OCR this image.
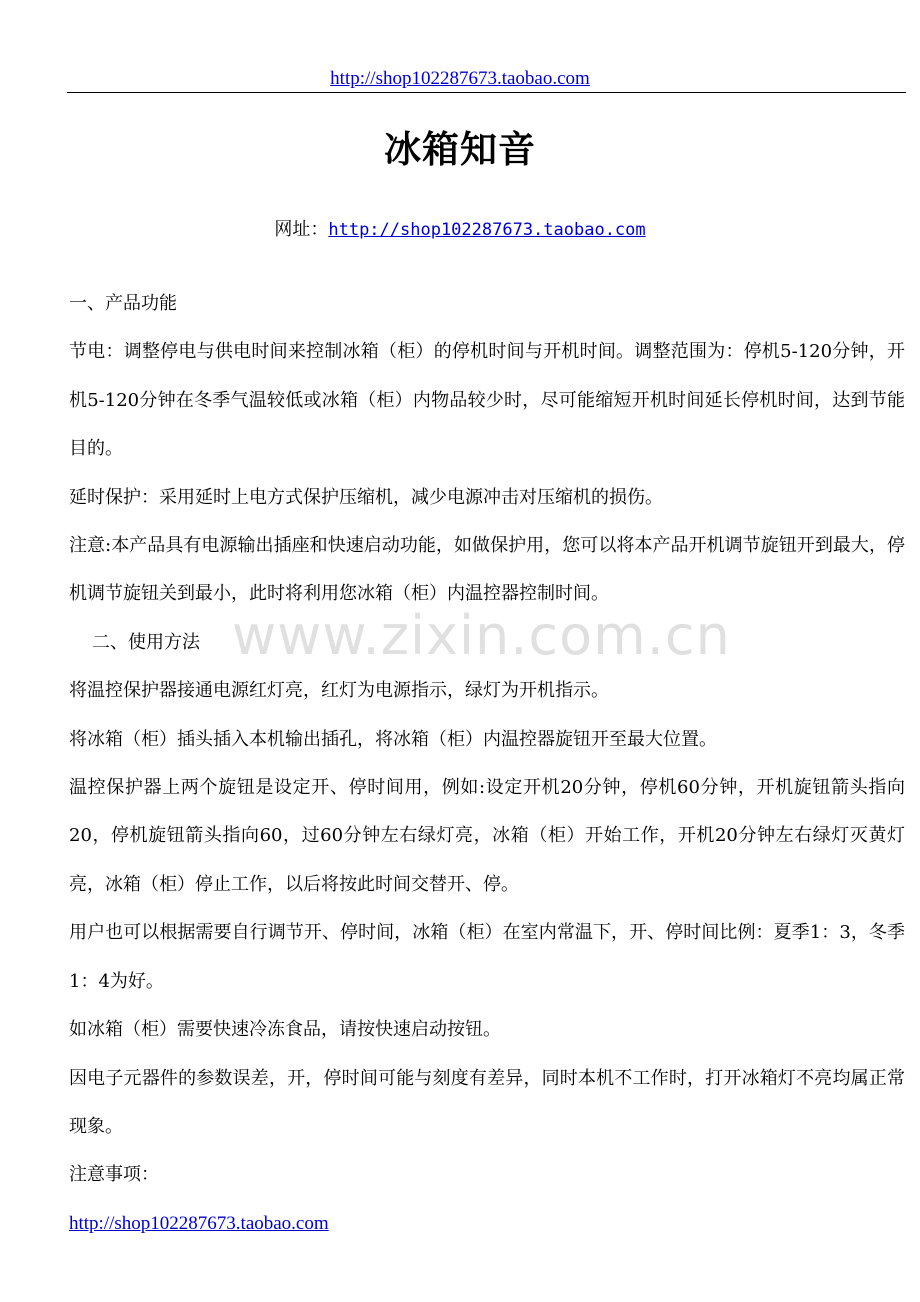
http://shop102287673.taobao.com
冰箱知音
网址：http://shop102287673.taobao.com

一、产品功能

节电：调整停电与供电时间来控制冰箱（柜）的停机时间与开机时间。调整范围为：停机5-120分钟，开机5-120分钟在冬季气温较低或冰箱（柜）内物品较少时，尽可能缩短开机时间延长停机时间，达到节能目的。

延时保护：采用延时上电方式保护压缩机，减少电源冲击对压缩机的损伤。

注意:本产品具有电源输出插座和快速启动功能，如做保护用，您可以将本产品开机调节旋钮开到最大，停机调节旋钮关到最小，此时将利用您冰箱（柜）内温控器控制时间。

二、使用方法

将温控保护器接通电源红灯亮，红灯为电源指示，绿灯为开机指示。

将冰箱（柜）插头插入本机输出插孔，将冰箱（柜）内温控器旋钮开至最大位置。

温控保护器上两个旋钮是设定开、停时间用，例如:设定开机20分钟，停机60分钟，开机旋钮箭头指向20，停机旋钮箭头指向60，过60分钟左右绿灯亮，冰箱（柜）开始工作，开机20分钟左右绿灯灭黄灯亮，冰箱（柜）停止工作，以后将按此时间交替开、停。

用户也可以根据需要自行调节开、停时间，冰箱（柜）在室内常温下，开、停时间比例：夏季1：3，冬季1：4为好。

如冰箱（柜）需要快速冷冻食品，请按快速启动按钮。

因电子元器件的参数误差，开，停时间可能与刻度有差异，同时本机不工作时，打开冰箱灯不亮均属正常现象。

注意事项：

http://shop102287673.taobao.com

www.zixin.com.cn
